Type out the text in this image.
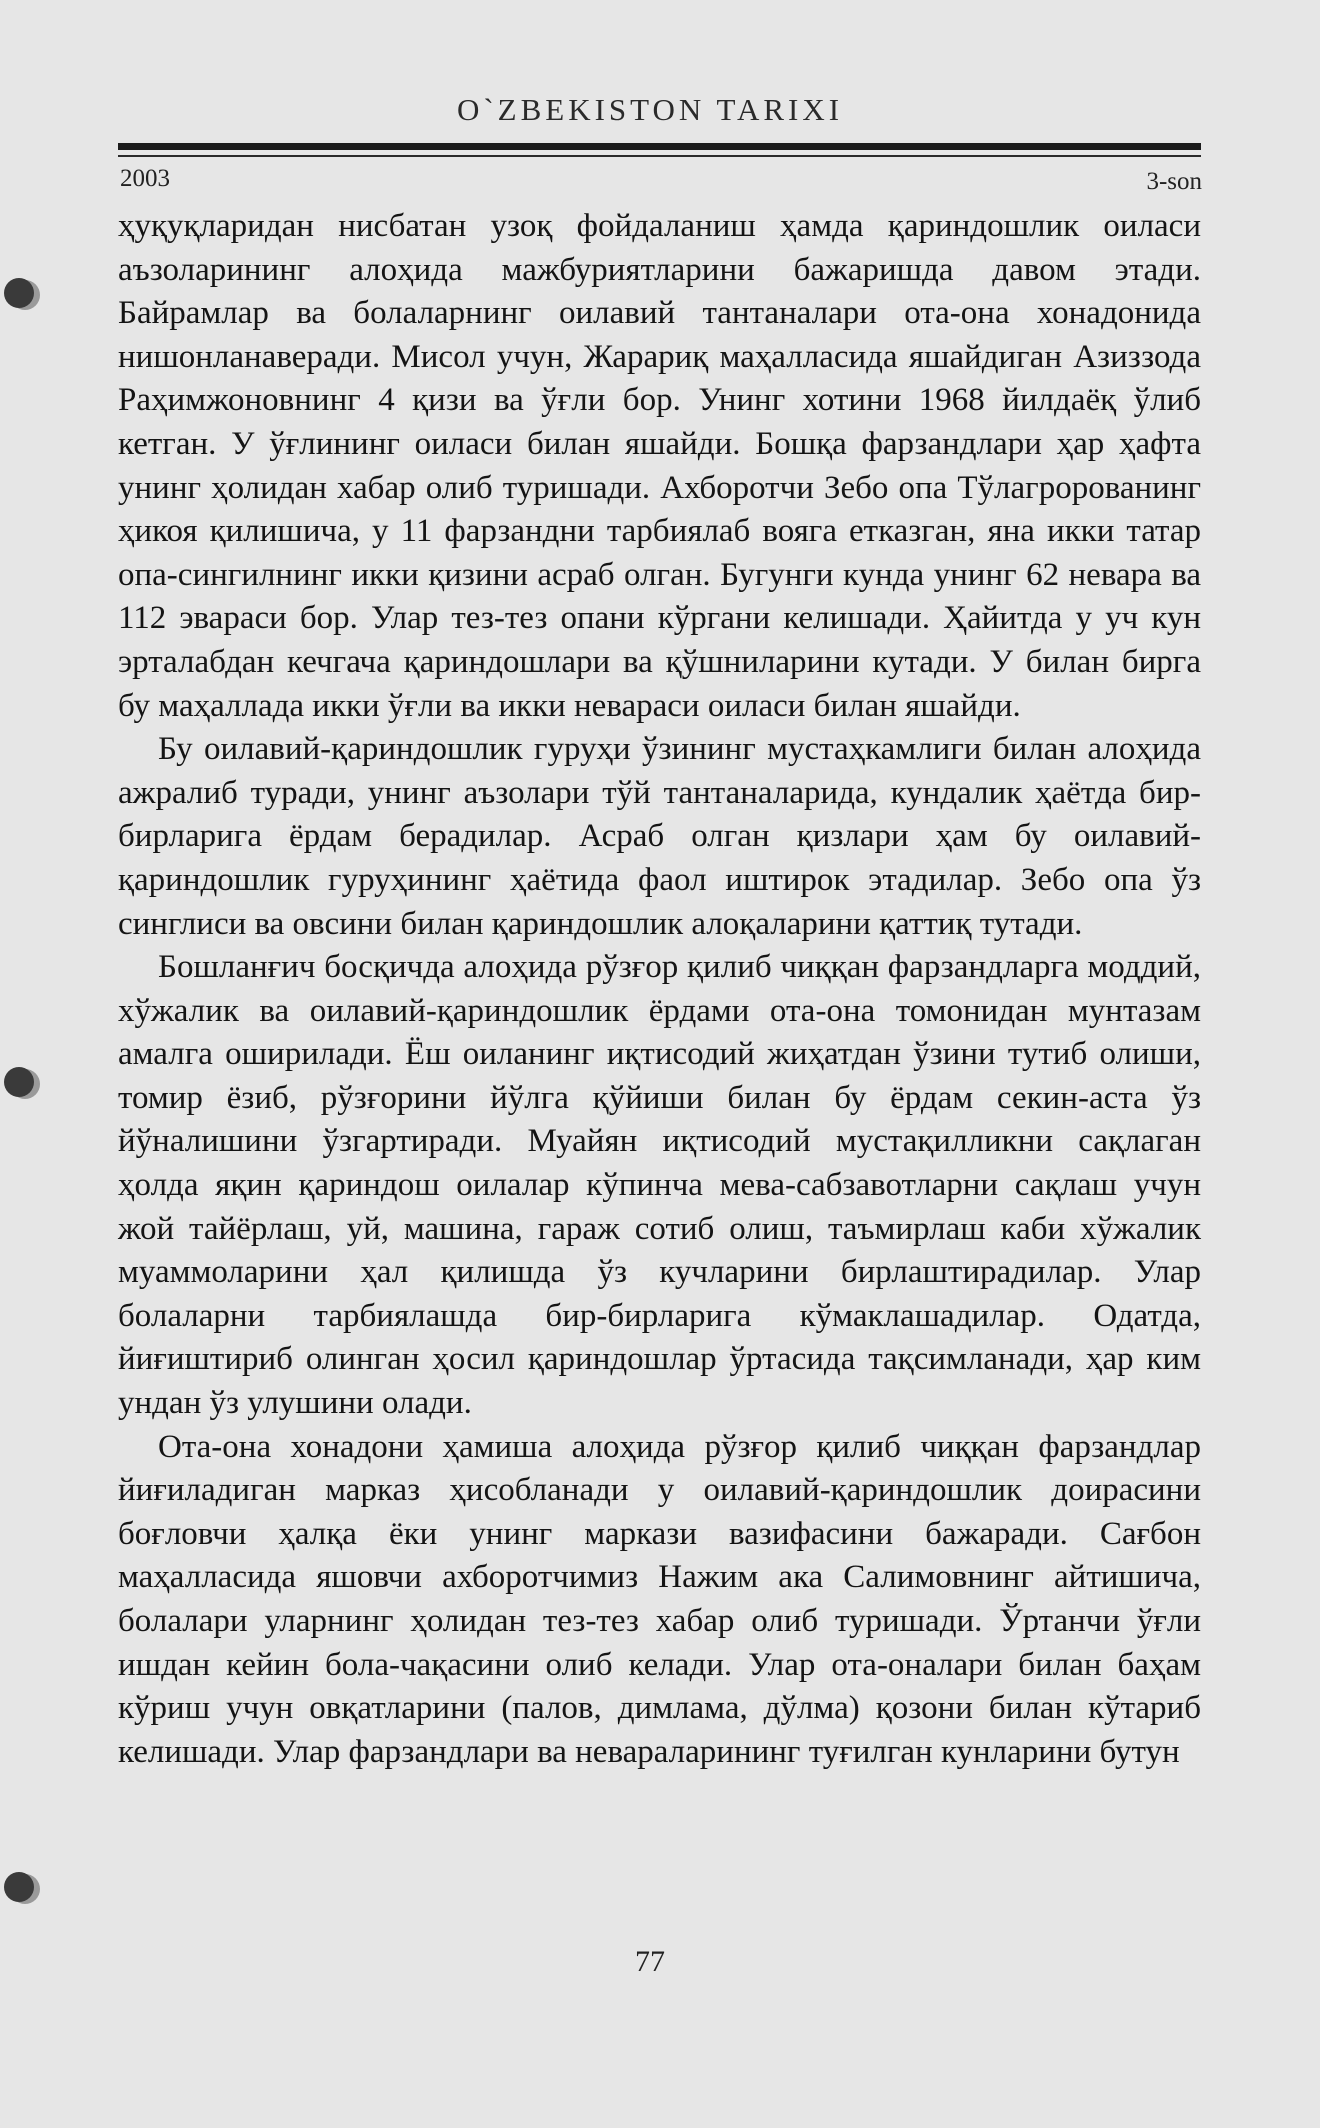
O`ZBEKISTON TARIXI
2003	3-son

ҳуқуқларидан нисбатан узоқ фойдаланиш ҳамда қариндошлик оиласи аъзоларининг алоҳида мажбуриятларини бажаришда давом этади. Байрамлар ва болаларнинг оилавий тантаналари ота-она хонадонида нишонланаверади. Мисол учун, Жарариқ маҳалласида яшайдиган Азиззода Раҳимжоновнинг 4 қизи ва ўғли бор. Унинг хотини 1968 йилдаёқ ўлиб кетган. У ўғлининг оиласи билан яшайди. Бошқа фарзандлари ҳар ҳафта унинг ҳолидан хабар олиб туришади. Ахборотчи Зебо опа Тўлагpopованинг ҳикоя қилишича, у 11 фарзандни тарбиялаб вояга етказган, яна икки татар опа-сингилнинг икки қизини асраб олган. Бугунги кунда унинг 62 невара ва 112 эвараси бор. Улар тез-тез опани кўргани келишади. Ҳайитда у уч кун эрталабдан кечгача қариндошлари ва қўшниларини кутади. У билан бирга бу маҳаллада икки ўғли ва икки невараси оиласи билан яшайди.

Бу оилавий-қариндошлик гуруҳи ўзининг мустаҳкамлиги билан алоҳида ажралиб туради, унинг аъзолари тўй тантаналарида, кундалик ҳаётда бир-бирларига ёрдам берадилар. Асраб олган қизлари ҳам бу оилавий- қариндошлик гуруҳининг ҳаётида фаол иштирок этадилар. Зебо опа ўз синглиси ва овсини билан қариндошлик алоқаларини қаттиқ тутади.

Бошланғич босқичда алоҳида рўзғор қилиб чиққан фарзандларга моддий, хўжалик ва оилавий-қариндошлик ёрдами ота-она томонидан мунтазам амалга оширилади. Ёш оиланинг иқтисодий жиҳатдан ўзини тутиб олиши, томир ёзиб, рўзғорини йўлга қўйиши билан бу ёрдам секин-аста ўз йўналишини ўзгартиради. Муайян иқтисодий мустақилликни сақлаган ҳолда яқин қариндош оилалар кўпинча мева-сабзавотларни сақлаш учун жой тайёрлаш, уй, машина, гараж сотиб олиш, таъмирлаш каби хўжалик муаммоларини ҳал қилишда ўз кучларини бирлаштирадилар. Улар болаларни тарбиялашда бир-бирларига кўмаклашадилар. Одатда, йиғиштириб олинган ҳосил қариндошлар ўртасида тақсимланади, ҳар ким ундан ўз улушини олади.

Ота-она хонадони ҳамиша алоҳида рўзғор қилиб чиққан фарзандлар йиғиладиган марказ ҳисобланади у оилавий-қариндошлик доирасини боғловчи ҳалқа ёки унинг маркази вазифасини бажаради. Сағбон маҳалласида яшовчи ахборотчимиз Нажим ака Салимовнинг айтишича, болалари уларнинг ҳолидан тез-тез хабар олиб туришади. Ўртанчи ўғли ишдан кейин бола-чақасини олиб келади. Улар ота-оналари билан баҳам кўриш учун овқатларини (палов, димлама, дўлма) қозони билан кўтариб келишади. Улар фарзандлари ва невараларининг туғилган кунларини бутун

77
